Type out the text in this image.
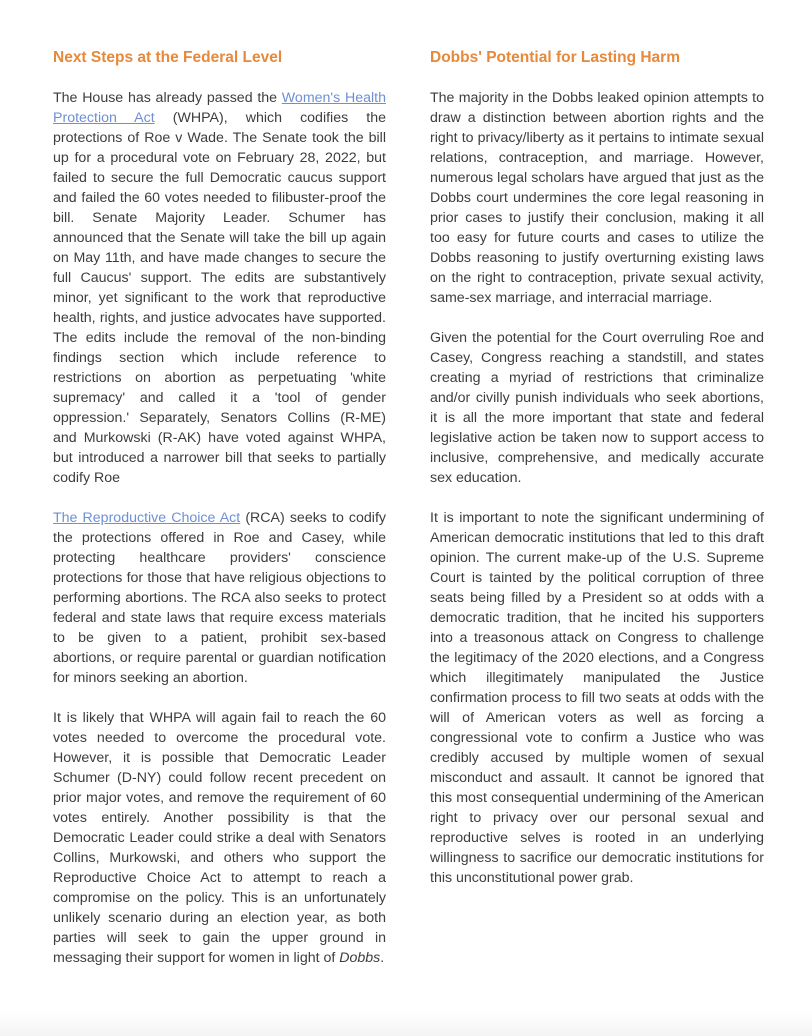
Next Steps at the Federal Level

The House has already passed the Women's Health Protection Act (WHPA), which codifies the protections of Roe v Wade. The Senate took the bill up for a procedural vote on February 28, 2022, but failed to secure the full Democratic caucus support and failed the 60 votes needed to filibuster-proof the bill. Senate Majority Leader. Schumer has announced that the Senate will take the bill up again on May 11th, and have made changes to secure the full Caucus' support. The edits are substantively minor, yet significant to the work that reproductive health, rights, and justice advocates have supported. The edits include the removal of the non-binding findings section which include reference to restrictions on abortion as perpetuating 'white supremacy' and called it a 'tool of gender oppression.' Separately, Senators Collins (R-ME) and Murkowski (R-AK) have voted against WHPA, but introduced a narrower bill that seeks to partially codify Roe

The Reproductive Choice Act (RCA) seeks to codify the protections offered in Roe and Casey, while protecting healthcare providers' conscience protections for those that have religious objections to performing abortions. The RCA also seeks to protect federal and state laws that require excess materials to be given to a patient, prohibit sex-based abortions, or require parental or guardian notification for minors seeking an abortion.

It is likely that WHPA will again fail to reach the 60 votes needed to overcome the procedural vote. However, it is possible that Democratic Leader Schumer (D-NY) could follow recent precedent on prior major votes, and remove the requirement of 60 votes entirely. Another possibility is that the Democratic Leader could strike a deal with Senators Collins, Murkowski, and others who support the Reproductive Choice Act to attempt to reach a compromise on the policy. This is an unfortunately unlikely scenario during an election year, as both parties will seek to gain the upper ground in messaging their support for women in light of Dobbs.

Dobbs' Potential for Lasting Harm

The majority in the Dobbs leaked opinion attempts to draw a distinction between abortion rights and the right to privacy/liberty as it pertains to intimate sexual relations, contraception, and marriage. However, numerous legal scholars have argued that just as the Dobbs court undermines the core legal reasoning in prior cases to justify their conclusion, making it all too easy for future courts and cases to utilize the Dobbs reasoning to justify overturning existing laws on the right to contraception, private sexual activity, same-sex marriage, and interracial marriage.

Given the potential for the Court overruling Roe and Casey, Congress reaching a standstill, and states creating a myriad of restrictions that criminalize and/or civilly punish individuals who seek abortions, it is all the more important that state and federal legislative action be taken now to support access to inclusive, comprehensive, and medically accurate sex education.

It is important to note the significant undermining of American democratic institutions that led to this draft opinion. The current make-up of the U.S. Supreme Court is tainted by the political corruption of three seats being filled by a President so at odds with a democratic tradition, that he incited his supporters into a treasonous attack on Congress to challenge the legitimacy of the 2020 elections, and a Congress which illegitimately manipulated the Justice confirmation process to fill two seats at odds with the will of American voters as well as forcing a congressional vote to confirm a Justice who was credibly accused by multiple women of sexual misconduct and assault. It cannot be ignored that this most consequential undermining of the American right to privacy over our personal sexual and reproductive selves is rooted in an underlying willingness to sacrifice our democratic institutions for this unconstitutional power grab.
